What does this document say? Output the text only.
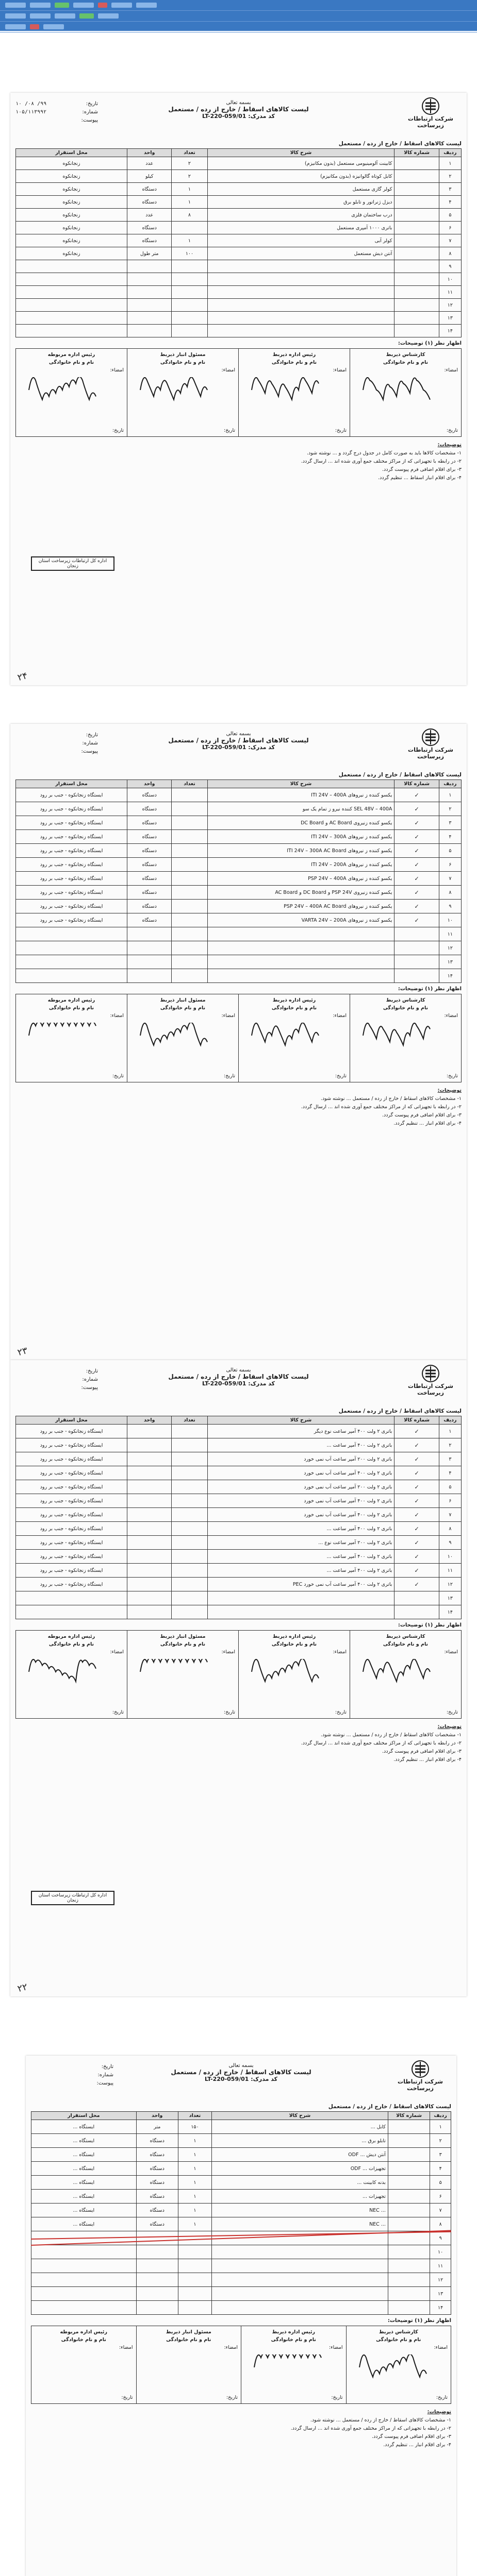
شرکت ارتباطات زیرساخت
بسمه تعالی
لیست کالاهای اسقاط / خارج از رده / مستعمل
کد مدرک: LT-220-059/01
تاریخ:
۹۹/ ۰۸/ ۱۰
شماره:
۱۰۵/۱۱۳۹۹۲
پیوست:
لیست کالاهای اسقاط / خارج از رده / مستعمل
ردیف	شماره کالا	شرح کالا	تعداد	واحد	محل استقرار
۱		کابینت آلومینیومی مستعمل (بدون مکانیزم)	۲	عدد	زنجانکوه
۲		کابل کوتاه گالوانیزه (بدون مکانیزم)	۲	کیلو	زنجانکوه
۳		کولر گازی مستعمل	۱	دستگاه	زنجانکوه
۴		دیزل ژنراتور و تابلو برق	۱	دستگاه	زنجانکوه
۵		درب ساختمان فلزی	۸	عدد	زنجانکوه
۶		باتری ۱۰۰۰ آمپری مستعمل		دستگاه	زنجانکوه
۷		کولر آبی	۱	دستگاه	زنجانکوه
۸		آنتن دیش مستعمل	۱۰۰	متر طول	زنجانکوه
۹					
۱۰					
۱۱					
۱۲					
۱۳					
۱۴					
اظهار نظر (۱) توضیحات:
کارشناس ذیربط
نام و نام خانوادگی
امضاء:
تاریخ:
رئیس اداره ذیربط
نام و نام خانوادگی
امضاء:
تاریخ:
مسئول انبار ذیربط
نام و نام خانوادگی
امضاء:
تاریخ:
رئیس اداره مربوطه
نام و نام خانوادگی
امضاء:
تاریخ:
اداره کل ارتباطات زیرساخت استان زنجان
توضیحات:
۱- مشخصات کالاها باید به صورت کامل در جدول درج گردد و ... نوشته شود.
۲- در رابطه با تجهیزاتی که از مراکز مختلف جمع آوری شده اند ... ارسال گردد.
۳- برای اقلام اضافی فرم پیوست گردد.
۴- برای اقلام انبار اسقاط ... تنظیم گردد.
۲۴
شرکت ارتباطات زیرساخت
بسمه تعالی
لیست کالاهای اسقاط / خارج از رده / مستعمل
کد مدرک: LT-220-059/01
تاریخ:
شماره:
پیوست:
لیست کالاهای اسقاط / خارج از رده / مستعمل
ردیف	شماره کالا	شرح کالا	تعداد	واحد	محل استقرار
۱	✓	یکسو کننده ز نیروهای ITI 24V – 400A		دستگاه	ایستگاه زنجانکوه - جنب بر رود
۲	✓	SEL 48V – 400A کننده نیرو ز تمام یک سو		دستگاه	ایستگاه زنجانکوه - جنب بر رود
۳	✓	یکسو کننده زنیروی AC Board و DC Board		دستگاه	ایستگاه زنجانکوه - جنب بر رود
۴	✓	یکسو کننده ز نیروهای ITI 24V – 300A		دستگاه	ایستگاه زنجانکوه - جنب بر رود
۵	✓	یکسو کننده ز نیروهای ITI 24V – 300A AC Board		دستگاه	ایستگاه زنجانکوه - جنب بر رود
۶	✓	یکسو کننده ز نیروهای ITI 24V – 200A		دستگاه	ایستگاه زنجانکوه - جنب بر رود
۷	✓	یکسو کننده ز نیروهای PSP 24V – 400A		دستگاه	ایستگاه زنجانکوه - جنب بر رود
۸	✓	یکسو کننده زنیروی PSP 24V و DC Board و AC Board		دستگاه	ایستگاه زنجانکوه - جنب بر رود
۹	✓	یکسو کننده ز نیروهای PSP 24V – 400A AC Board		دستگاه	ایستگاه زنجانکوه - جنب بر رود
۱۰	✓	یکسو کننده ز نیروهای VARTA 24V – 200A		دستگاه	ایستگاه زنجانکوه - جنب بر رود
۱۱					
۱۲					
۱۳					
۱۴					
اظهار نظر (۱) توضیحات:
کارشناس ذیربط
نام و نام خانوادگی
امضاء:
تاریخ:
رئیس اداره ذیربط
نام و نام خانوادگی
امضاء:
تاریخ:
مسئول انبار ذیربط
نام و نام خانوادگی
امضاء:
تاریخ:
رئیس اداره مربوطه
نام و نام خانوادگی
امضاء:
تاریخ:
توضیحات:
۱- مشخصات کالاهای اسقاط / خارج از رده / مستعمل ... نوشته شود.
۲- در رابطه با تجهیزاتی که از مراکز مختلف جمع آوری شده اند ... ارسال گردد.
۳- برای اقلام اضافی فرم پیوست گردد.
۴- برای اقلام انبار ... تنظیم گردد.
۲۳
شرکت ارتباطات زیرساخت
بسمه تعالی
لیست کالاهای اسقاط / خارج از رده / مستعمل
کد مدرک: LT-220-059/01
تاریخ:
شماره:
پیوست:
لیست کالاهای اسقاط / خارج از رده / مستعمل
ردیف	شماره کالا	شرح کالا	تعداد	واحد	محل استقرار
۱	✓	باتری ۲ ولت ۴۰۰ آمپر ساعت نوع دیگر			ایستگاه زنجانکوه - جنب بر رود
۲	✓	باتری ۲ ولت ۴۰۰ آمپر ساعت ...			ایستگاه زنجانکوه - جنب بر رود
۳	✓	باتری ۲ ولت ۲۰۰ آمپر ساعت آب نمی خورد			ایستگاه زنجانکوه - جنب بر رود
۴	✓	باتری ۲ ولت ۴۰۰ آمپر ساعت آب نمی خورد			ایستگاه زنجانکوه - جنب بر رود
۵	✓	باتری ۲ ولت ۲۰۰ آمپر ساعت آب نمی خورد			ایستگاه زنجانکوه - جنب بر رود
۶	✓	باتری ۲ ولت ۴۰۰ آمپر ساعت آب نمی خورد			ایستگاه زنجانکوه - جنب بر رود
۷	✓	باتری ۲ ولت ۴۰۰ آمپر ساعت آب نمی خورد			ایستگاه زنجانکوه - جنب بر رود
۸	✓	باتری ۲ ولت ۴۰۰ آمپر ساعت ...			ایستگاه زنجانکوه - جنب بر رود
۹	✓	باتری ۲ ولت ۲۰۰ آمپر ساعت نوع ...			ایستگاه زنجانکوه - جنب بر رود
۱۰	✓	باتری ۲ ولت ۴۰۰ آمپر ساعت ...			ایستگاه زنجانکوه - جنب بر رود
۱۱	✓	باتری ۲ ولت ۴۰۰ آمپر ساعت ...			ایستگاه زنجانکوه - جنب بر رود
۱۲	✓	باتری ۲ ولت ۴۰۰ آمپر ساعت آب نمی خورد PEC			ایستگاه زنجانکوه - جنب بر رود
۱۳					
۱۴					
اظهار نظر (۱) توضیحات:
کارشناس ذیربط
نام و نام خانوادگی
امضاء:
تاریخ:
رئیس اداره ذیربط
نام و نام خانوادگی
امضاء:
تاریخ:
مسئول انبار ذیربط
نام و نام خانوادگی
امضاء:
تاریخ:
رئیس اداره مربوطه
نام و نام خانوادگی
امضاء:
تاریخ:
اداره کل ارتباطات زیرساخت استان زنجان
توضیحات:
۱- مشخصات کالاهای اسقاط / خارج از رده / مستعمل ... نوشته شود.
۲- در رابطه با تجهیزاتی که از مراکز مختلف جمع آوری شده اند ... ارسال گردد.
۳- برای اقلام اضافی فرم پیوست گردد.
۴- برای اقلام انبار ... تنظیم گردد.
۲۲
شرکت ارتباطات زیرساخت
بسمه تعالی
لیست کالاهای اسقاط / خارج از رده / مستعمل
کد مدرک: LT-220-059/01
تاریخ:
شماره:
پیوست:
لیست کالاهای اسقاط / خارج از رده / مستعمل
ردیف	شماره کالا	شرح کالا	تعداد	واحد	محل استقرار
۱		کابل ...	۱۵۰	متر	ایستگاه ...
۲		تابلو برق ...	۱	دستگاه	ایستگاه ...
۳		آنتن دیش ... ODF	۱	دستگاه	ایستگاه ...
۴		تجهیزات ... ODF	۱	دستگاه	ایستگاه ...
۵		بدنه کابینت ...	۱	دستگاه	ایستگاه ...
۶		تجهیزات ...	۱	دستگاه	ایستگاه ...
۷		... NEC	۱	دستگاه	ایستگاه ...
۸		... NEC	۱	دستگاه	ایستگاه ...
۹					
۱۰					
۱۱					
۱۲					
۱۳					
۱۴					
اظهار نظر (۱) توضیحات:
کارشناس ذیربط
نام و نام خانوادگی
امضاء:
تاریخ:
رئیس اداره ذیربط
نام و نام خانوادگی
امضاء:
تاریخ:
مسئول انبار ذیربط
نام و نام خانوادگی
امضاء:
تاریخ:
رئیس اداره مربوطه
نام و نام خانوادگی
امضاء:
تاریخ:
توضیحات:
۱- مشخصات کالاهای اسقاط / خارج از رده / مستعمل ... نوشته شود.
۲- در رابطه با تجهیزاتی که از مراکز مختلف جمع آوری شده اند ... ارسال گردد.
۳- برای اقلام اضافی فرم پیوست گردد.
۴- برای اقلام انبار ... تنظیم گردد.
